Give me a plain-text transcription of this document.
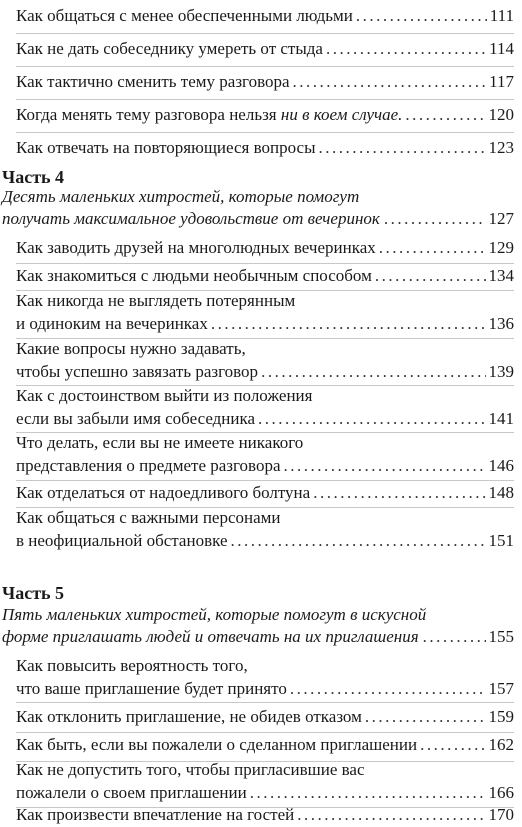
Как общаться с менее обеспеченными людьми .....	111
Как не дать собеседнику умереть от стыда .....	114
Как тактично сменить тему разговора .....	117
Когда менять тему разговора нельзя ни в коем случае. .....	120
Как отвечать на повторяющиеся вопросы .....	123
Часть 4
Десять маленьких хитростей, которые помогут
получать максимальное удовольствие от вечеринок .....	127
Как заводить друзей на многолюдных вечеринках .....	129
Как знакомиться с людьми необычным способом .....	134
Как никогда не выглядеть потерянным
и одиноким на вечеринках .....	136
Какие вопросы нужно задавать,
чтобы успешно завязать разговор .....	139
Как с достоинством выйти из положения
если вы забыли имя собеседника .....	141
Что делать, если вы не имеете никакого
представления о предмете разговора .....	146
Как отделаться от надоедливого болтуна .....	148
Как общаться с важными персонами
в неофициальной обстановке .....	151
Часть 5
Пять маленьких хитростей, которые помогут в искусной
форме приглашать людей и отвечать на их приглашения .....	155
Как повысить вероятность того,
что ваше приглашение будет принято .....	157
Как отклонить приглашение, не обидев отказом .....	159
Как быть, если вы пожалели о сделанном приглашении .....	162
Как не допустить того, чтобы пригласившие вас
пожалели о своем приглашении .....	166
Как произвести впечатление на гостей .....	170
